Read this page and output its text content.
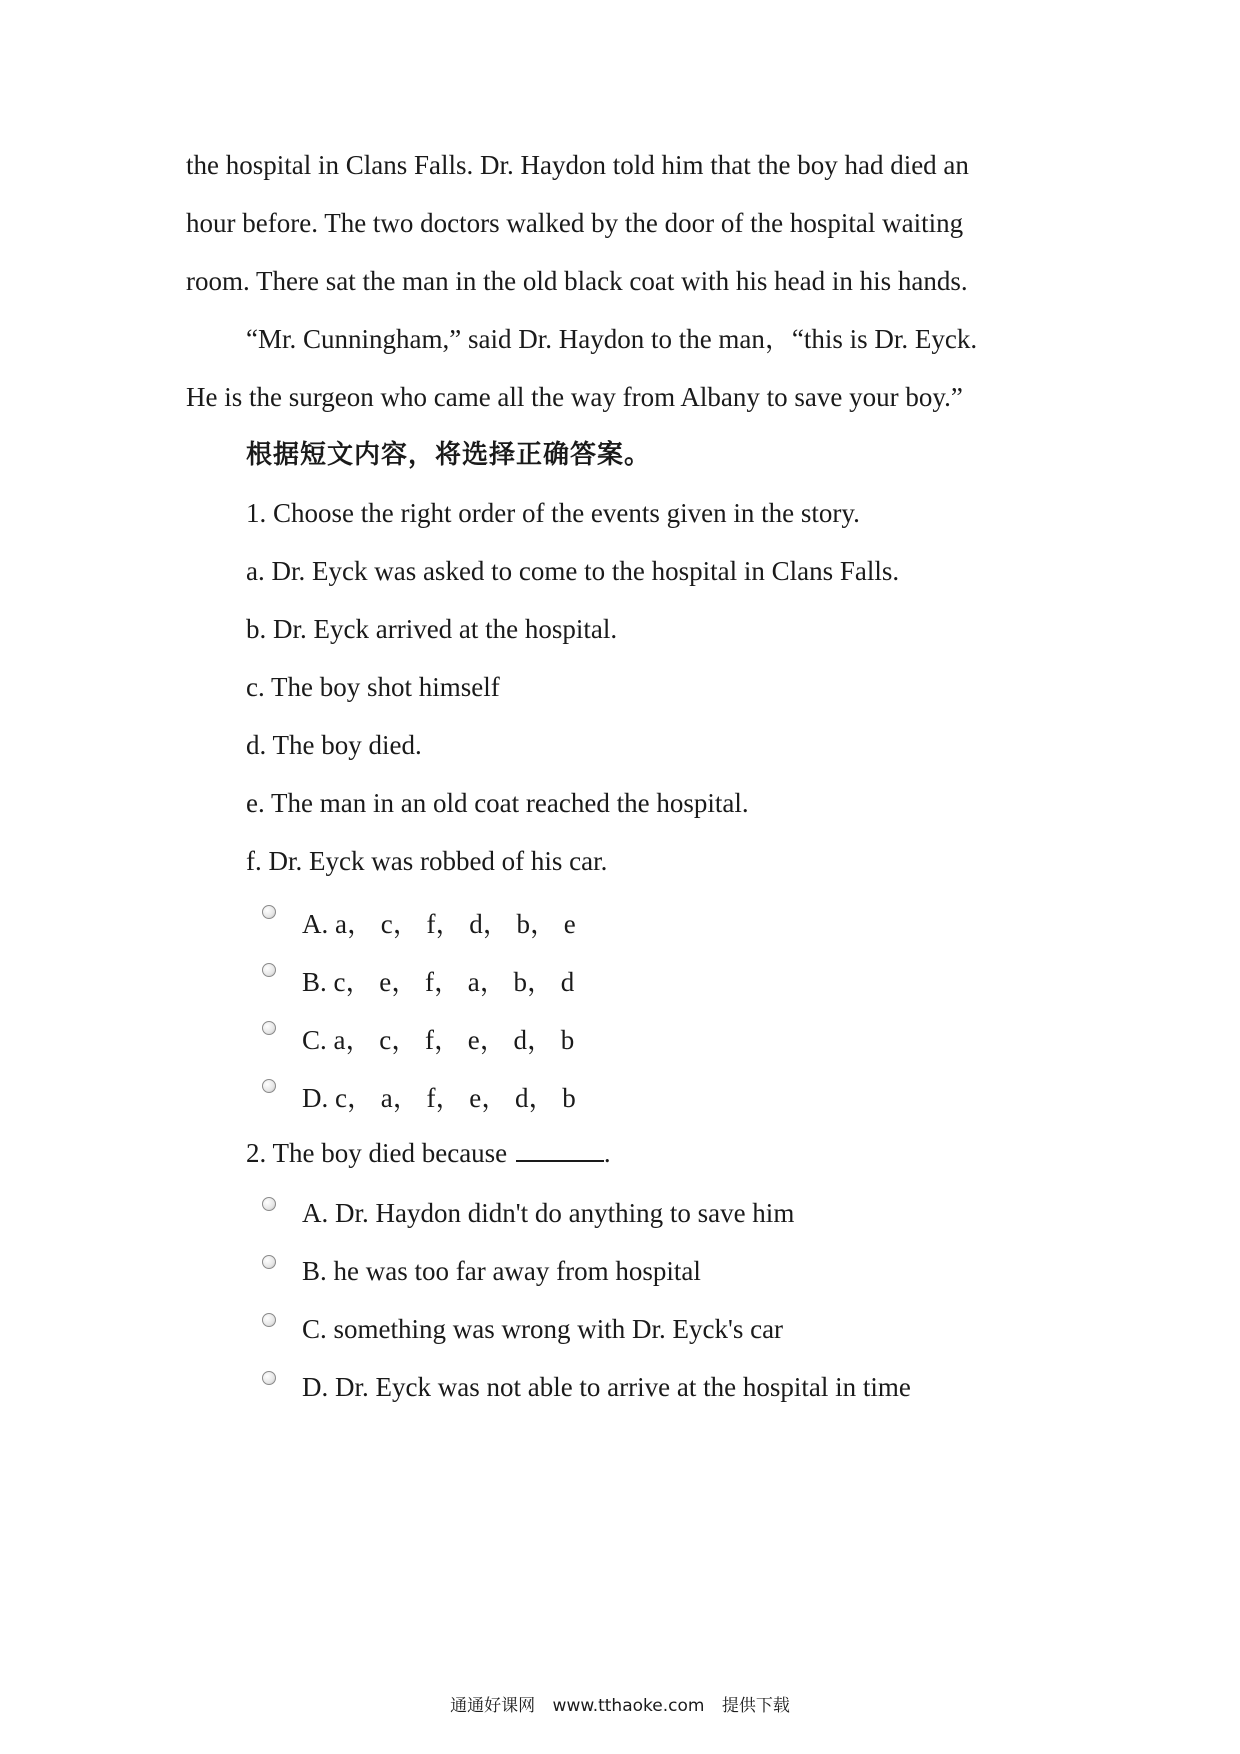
the hospital in Clans Falls. Dr. Haydon told him that the boy had died an
hour before. The two doctors walked by the door of the hospital waiting
room. There sat the man in the old black coat with his head in his hands.
“Mr. Cunningham,” said Dr. Haydon to the man，“this is Dr. Eyck.
He is the surgeon who came all the way from Albany to save your boy.”
根据短文内容，将选择正确答案。
1. Choose the right order of the events given in the story.
a. Dr. Eyck was asked to come to the hospital in Clans Falls.
b. Dr. Eyck arrived at the hospital.
c. The boy shot himself
d. The boy died.
e. The man in an old coat reached the hospital.
f. Dr. Eyck was robbed of his car.
A. a， c， f， d， b， e
B. c， e， f， a， b， d
C. a， c， f， e， d， b
D. c， a， f， e， d， b
2. The boy died because	.
A. Dr. Haydon didn't do anything to save him
B. he was too far away from hospital
C. something was wrong with Dr. Eyck's car
D. Dr. Eyck was not able to arrive at the hospital in time
通通好课网 www.tthaoke.com 提供下载
